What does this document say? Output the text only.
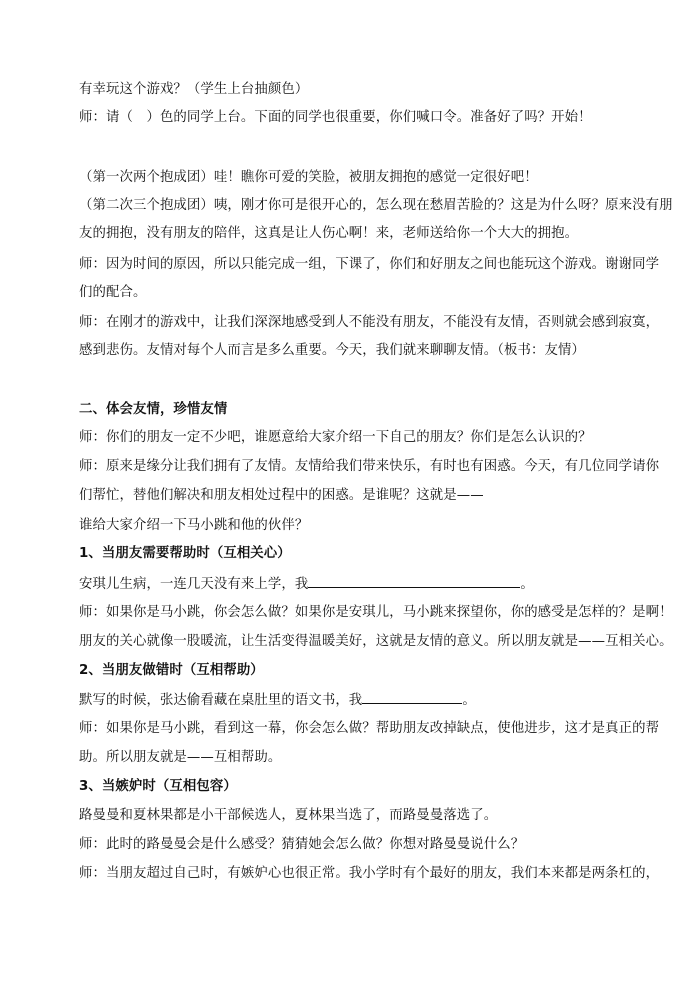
有幸玩这个游戏？（学生上台抽颜色）
师：请（　）色的同学上台。下面的同学也很重要，你们喊口令。准备好了吗？开始！
（第一次两个抱成团）哇！瞧你可爱的笑脸，被朋友拥抱的感觉一定很好吧！
（第二次三个抱成团）咦，刚才你可是很开心的，怎么现在愁眉苦脸的？这是为什么呀？原来没有朋
友的拥抱，没有朋友的陪伴，这真是让人伤心啊！来，老师送给你一个大大的拥抱。
师：因为时间的原因，所以只能完成一组，下课了，你们和好朋友之间也能玩这个游戏。谢谢同学
们的配合。
师：在刚才的游戏中，让我们深深地感受到人不能没有朋友，不能没有友情，否则就会感到寂寞，
感到悲伤。友情对每个人而言是多么重要。今天，我们就来聊聊友情。（板书：友情）
二、体会友情，珍惜友情
师：你们的朋友一定不少吧，谁愿意给大家介绍一下自己的朋友？你们是怎么认识的？
师：原来是缘分让我们拥有了友情。友情给我们带来快乐，有时也有困惑。今天，有几位同学请你
们帮忙，替他们解决和朋友相处过程中的困惑。是谁呢？这就是——
谁给大家介绍一下马小跳和他的伙伴？
1、当朋友需要帮助时（互相关心）
安琪儿生病，一连几天没有来上学，我	。
师：如果你是马小跳，你会怎么做？如果你是安琪儿，马小跳来探望你，你的感受是怎样的？是啊！
朋友的关心就像一股暖流，让生活变得温暖美好，这就是友情的意义。所以朋友就是——互相关心。
2、当朋友做错时（互相帮助）
默写的时候，张达偷看藏在桌肚里的语文书，我	。
师：如果你是马小跳，看到这一幕，你会怎么做？帮助朋友改掉缺点，使他进步，这才是真正的帮
助。所以朋友就是——互相帮助。
3、当嫉妒时（互相包容）
路曼曼和夏林果都是小干部候选人，夏林果当选了，而路曼曼落选了。
师：此时的路曼曼会是什么感受？猜猜她会怎么做？你想对路曼曼说什么？
师：当朋友超过自己时，有嫉妒心也很正常。我小学时有个最好的朋友，我们本来都是两条杠的，
